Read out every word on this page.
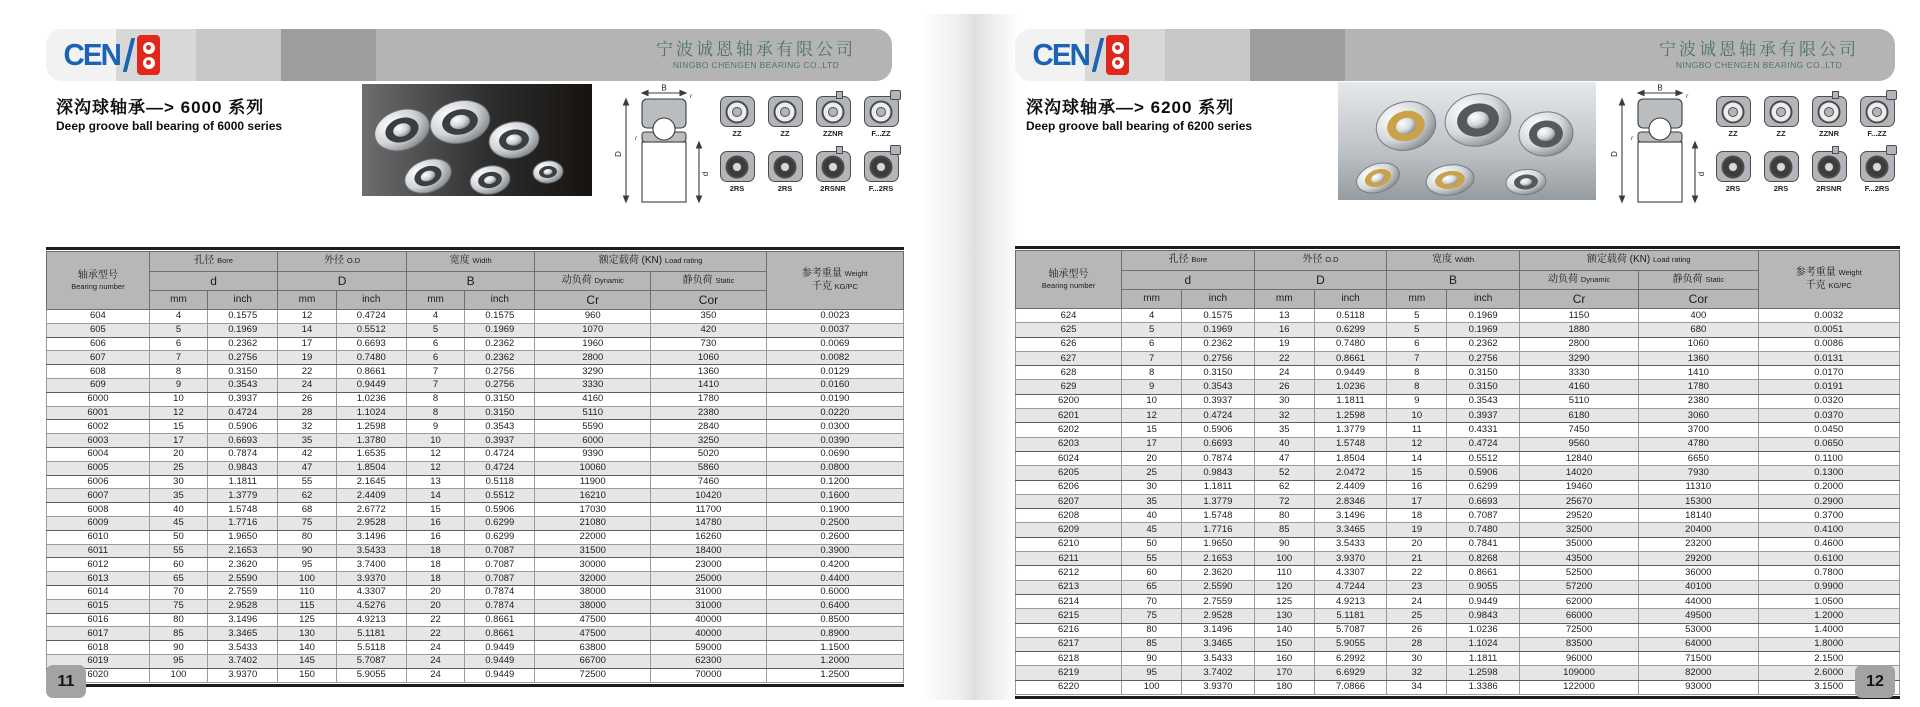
CEN	宁波诚恩轴承有限公司
NINGBO CHENGEN BEARING CO.,LTD
深沟球轴承—> 6000 系列
Deep groove ball bearing of 6000 series
B
D
d
r
r
ZZ	ZZ	ZZNR	F...ZZ
2RS	2RS	2RSNR	F...2RS
轴承型号
Bearing number
	孔径 Bore	外径 O.D	宽度 Width	额定载荷 (KN) Load rating	
参考重量 Weight
千克 KG/PC

	d		D		B		动负荷 Dynamic	静负荷 Static	
	mm	inch	mm	inch	mm	inch	Cr	Cor	
604	4	0.1575	12	0.4724	4	0.1575	960	350	0.0023
605	5	0.1969	14	0.5512	5	0.1969	1070	420	0.0037
606	6	0.2362	17	0.6693	6	0.2362	1960	730	0.0069
607	7	0.2756	19	0.7480	6	0.2362	2800	1060	0.0082
608	8	0.3150	22	0.8661	7	0.2756	3290	1360	0.0129
609	9	0.3543	24	0.9449	7	0.2756	3330	1410	0.0160
6000	10	0.3937	26	1.0236	8	0.3150	4160	1780	0.0190
6001	12	0.4724	28	1.1024	8	0.3150	5110	2380	0.0220
6002	15	0.5906	32	1.2598	9	0.3543	5590	2840	0.0300
6003	17	0.6693	35	1.3780	10	0.3937	6000	3250	0.0390
6004	20	0.7874	42	1.6535	12	0.4724	9390	5020	0.0690
6005	25	0.9843	47	1.8504	12	0.4724	10060	5860	0.0800
6006	30	1.1811	55	2.1645	13	0.5118	11900	7460	0.1200
6007	35	1.3779	62	2.4409	14	0.5512	16210	10420	0.1600
6008	40	1.5748	68	2.6772	15	0.5906	17030	11700	0.1900
6009	45	1.7716	75	2.9528	16	0.6299	21080	14780	0.2500
6010	50	1.9650	80	3.1496	16	0.6299	22000	16260	0.2600
6011	55	2.1653	90	3.5433	18	0.7087	31500	18400	0.3900
6012	60	2.3620	95	3.7400	18	0.7087	30000	23000	0.4200
6013	65	2.5590	100	3.9370	18	0.7087	32000	25000	0.4400
6014	70	2.7559	110	4.3307	20	0.7874	38000	31000	0.6000
6015	75	2.9528	115	4.5276	20	0.7874	38000	31000	0.6400
6016	80	3.1496	125	4.9213	22	0.8661	47500	40000	0.8500
6017	85	3.3465	130	5.1181	22	0.8661	47500	40000	0.8900
6018	90	3.5433	140	5.5118	24	0.9449	63800	59000	1.1500
6019	95	3.7402	145	5.7087	24	0.9449	66700	62300	1.2000
6020	100	3.9370	150	5.9055	24	0.9449	72500	70000	1.2500
11
CEN	宁波诚恩轴承有限公司
NINGBO CHENGEN BEARING CO.,LTD
深沟球轴承—> 6200 系列
Deep groove ball bearing of 6200 series
B
D
d
r
r
ZZ	ZZ	ZZNR	F...ZZ
2RS	2RS	2RSNR	F...2RS
轴承型号
Bearing number
	孔径 Bore	外径 O.D	宽度 Width	额定载荷 (KN) Load rating	
参考重量 Weight
千克 KG/PC

	d		D		B		动负荷 Dynamic	静负荷 Static	
	mm	inch	mm	inch	mm	inch	Cr	Cor	
624	4	0.1575	13	0.5118	5	0.1969	1150	400	0.0032
625	5	0.1969	16	0.6299	5	0.1969	1880	680	0.0051
626	6	0.2362	19	0.7480	6	0.2362	2800	1060	0.0086
627	7	0.2756	22	0.8661	7	0.2756	3290	1360	0.0131
628	8	0.3150	24	0.9449	8	0.3150	3330	1410	0.0170
629	9	0.3543	26	1.0236	8	0.3150	4160	1780	0.0191
6200	10	0.3937	30	1.1811	9	0.3543	5110	2380	0.0320
6201	12	0.4724	32	1.2598	10	0.3937	6180	3060	0.0370
6202	15	0.5906	35	1.3779	11	0.4331	7450	3700	0.0450
6203	17	0.6693	40	1.5748	12	0.4724	9560	4780	0.0650
6024	20	0.7874	47	1.8504	14	0.5512	12840	6650	0.1100
6205	25	0.9843	52	2.0472	15	0.5906	14020	7930	0.1300
6206	30	1.1811	62	2.4409	16	0.6299	19460	11310	0.2000
6207	35	1.3779	72	2.8346	17	0.6693	25670	15300	0.2900
6208	40	1.5748	80	3.1496	18	0.7087	29520	18140	0.3700
6209	45	1.7716	85	3.3465	19	0.7480	32500	20400	0.4100
6210	50	1.9650	90	3.5433	20	0.7841	35000	23200	0.4600
6211	55	2.1653	100	3.9370	21	0.8268	43500	29200	0.6100
6212	60	2.3620	110	4.3307	22	0.8661	52500	36000	0.7800
6213	65	2.5590	120	4.7244	23	0.9055	57200	40100	0.9900
6214	70	2.7559	125	4.9213	24	0.9449	62000	44000	1.0500
6215	75	2.9528	130	5.1181	25	0.9843	66000	49500	1.2000
6216	80	3.1496	140	5.7087	26	1.0236	72500	53000	1.4000
6217	85	3.3465	150	5.9055	28	1.1024	83500	64000	1.8000
6218	90	3.5433	160	6.2992	30	1.1811	96000	71500	2.1500
6219	95	3.7402	170	6.6929	32	1.2598	109000	82000	2.6000
6220	100	3.9370	180	7.0866	34	1.3386	122000	93000	3.1500	12
